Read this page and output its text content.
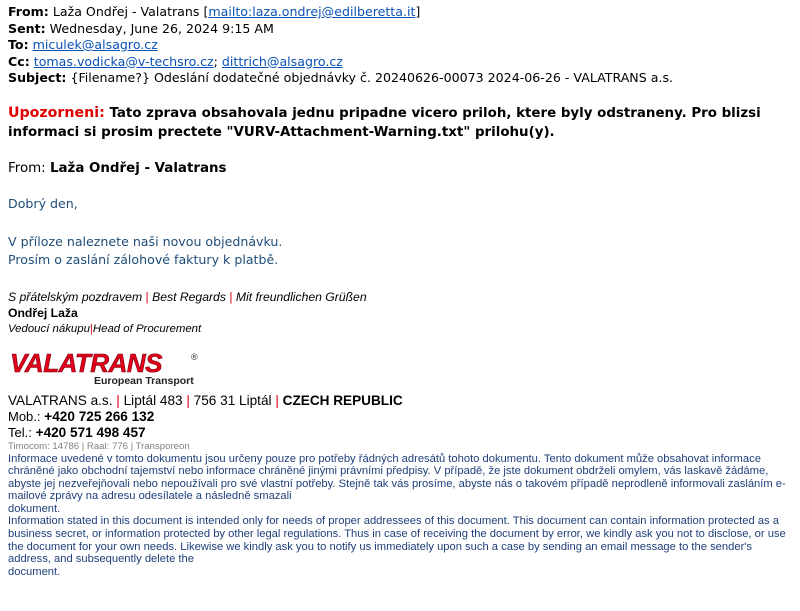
From: Laža Ondřej - Valatrans [mailto:laza.ondrej@edilberetta.it]
Sent: Wednesday, June 26, 2024 9:15 AM
To: miculek@alsagro.cz
Cc: tomas.vodicka@v-techsro.cz; dittrich@alsagro.cz
Subject: {Filename?} Odeslání dodatečné objednávky č. 20240626-00073 2024-06-26 - VALATRANS a.s.
Upozorneni: Tato zprava obsahovala jednu pripadne vicero priloh, ktere byly odstraneny. Pro blizsi informaci si prosim prectete "VURV-Attachment-Warning.txt" prilohu(y).
From: Laža Ondřej - Valatrans
Dobrý den,
V příloze naleznete naši novou objednávku.
Prosím o zaslání zálohové faktury k platbě.
S přátelským pozdravem | Best Regards | Mit freundlichen Grüßen
Ondřej Laža
Vedoucí nákupu|Head of Procurement
VALATRANS	®
European Transport
VALATRANS a.s. | Liptál 483 | 756 31 Liptál | CZECH REPUBLIC
Mob.: +420 725 266 132
Tel.: +420 571 498 457
Timocom: 14786 | Raal: 776 | Transporeon
Informace uvedené v tomto dokumentu jsou určeny pouze pro potřeby řádných adresátů tohoto dokumentu. Tento dokument může obsahovat informace chráněné jako obchodní tajemství nebo informace chráněné jinými právními předpisy. V případě, že jste dokument obdrželi omylem, vás laskavě žádáme, abyste jej nezveřejňovali nebo nepoužívali pro své vlastní potřeby. Stejně tak vás prosíme, abyste nás o takovém případě neprodleně informovali zasláním e-mailové zprávy na adresu odesílatele a následně smazali
dokument.
Information stated in this document is intended only for needs of proper addressees of this document. This document can contain information protected as a business secret, or information protected by other legal regulations. Thus in case of receiving the document by error, we kindly ask you not to disclose, or use the document for your own needs. Likewise we kindly ask you to notify us immediately upon such a case by sending an email message to the sender's address, and subsequently delete the
document.
